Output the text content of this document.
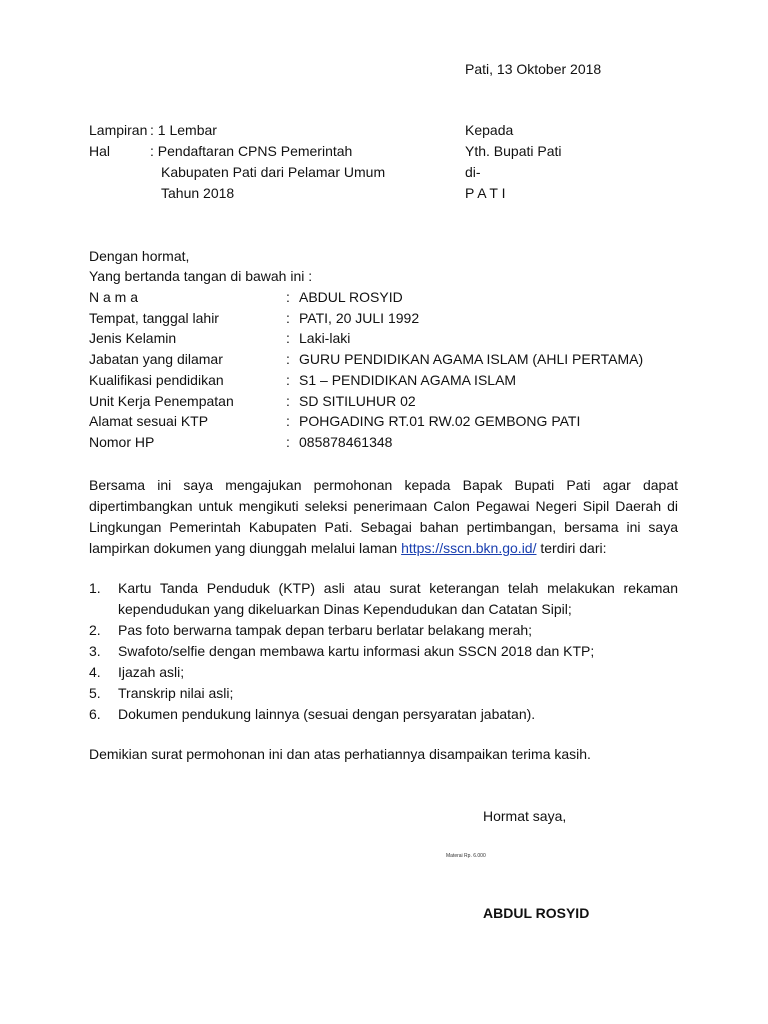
Pati, 13 Oktober 2018
Lampiran : 1 Lembar
Hal	: Pendaftaran CPNS Pemerintah
Kabupaten Pati dari Pelamar Umum
Tahun 2018
Kepada
Yth. Bupati Pati
di-
P A T I
Dengan hormat,
Yang bertanda tangan di bawah ini :
N a m a	: ABDUL ROSYID
Tempat, tanggal lahir	: PATI, 20 JULI 1992
Jenis Kelamin	: Laki-laki
Jabatan yang dilamar	: GURU PENDIDIKAN AGAMA ISLAM (AHLI PERTAMA)
Kualifikasi pendidikan	: S1 – PENDIDIKAN AGAMA ISLAM
Unit Kerja Penempatan	: SD SITILUHUR 02
Alamat sesuai KTP	: POHGADING RT.01 RW.02 GEMBONG PATI
Nomor HP	: 085878461348

Bersama ini saya mengajukan permohonan kepada Bapak Bupati Pati agar dapat dipertimbangkan untuk mengikuti seleksi penerimaan Calon Pegawai Negeri Sipil Daerah di Lingkungan Pemerintah Kabupaten Pati. Sebagai bahan pertimbangan, bersama ini saya lampirkan dokumen yang diunggah melalui laman https://sscn.bkn.go.id/ terdiri dari:

1. Kartu Tanda Penduduk (KTP) asli atau surat keterangan telah melakukan rekaman kependudukan yang dikeluarkan Dinas Kependudukan dan Catatan Sipil;
2. Pas foto berwarna tampak depan terbaru berlatar belakang merah;
3. Swafoto/selfie dengan membawa kartu informasi akun SSCN 2018 dan KTP;
4. Ijazah asli;
5. Transkrip nilai asli;
6. Dokumen pendukung lainnya (sesuai dengan persyaratan jabatan).
Demikian surat permohonan ini dan atas perhatiannya disampaikan terima kasih.
Hormat saya,
Materai Rp. 6.000
ABDUL ROSYID
